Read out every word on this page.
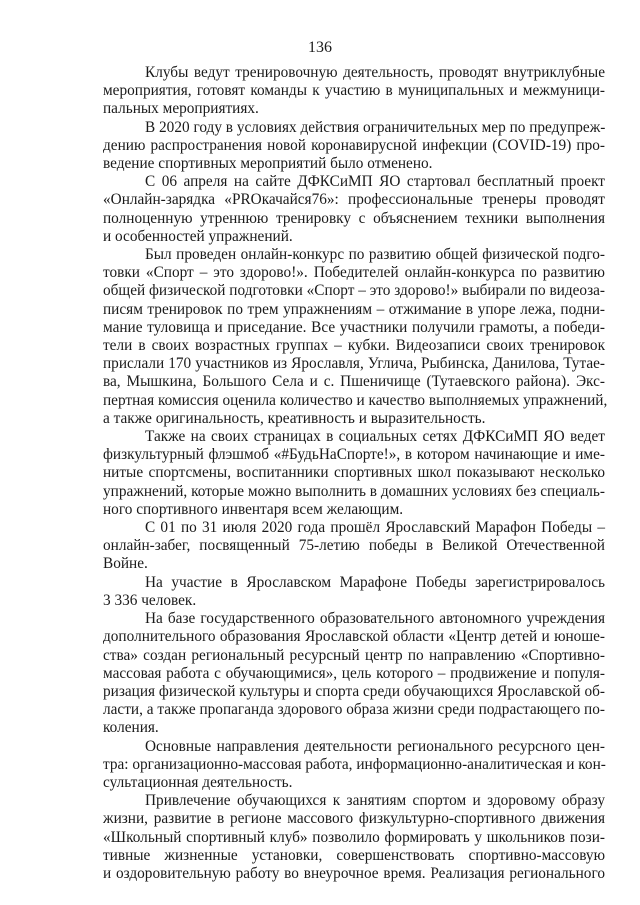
136

Клубы ведут тренировочную деятельность, проводят внутриклубные
мероприятия, готовят команды к участию в муниципальных и межмуници-
пальных мероприятиях.

В 2020 году в условиях действия ограничительных мер по предупреж-
дению распространения новой коронавирусной инфекции (COVID-19) про-
ведение спортивных мероприятий было отменено.

С 06 апреля на сайте ДФКСиМП ЯО стартовал бесплатный проект
«Онлайн-зарядка «PROкачайся76»: профессиональные тренеры проводят
полноценную утреннюю тренировку с объяснением техники выполнения
и особенностей упражнений.

Был проведен онлайн-конкурс по развитию общей физической подго-
товки «Спорт – это здорово!». Победителей онлайн-конкурса по развитию
общей физической подготовки «Спорт – это здорово!» выбирали по видеоза-
писям тренировок по трем упражнениям – отжимание в упоре лежа, подни-
мание туловища и приседание. Все участники получили грамоты, а победи-
тели в своих возрастных группах – кубки. Видеозаписи своих тренировок
прислали 170 участников из Ярославля, Углича, Рыбинска, Данилова, Тутае-
ва, Мышкина, Большого Села и с. Пшеничище (Тутаевского района). Экс-
пертная комиссия оценила количество и качество выполняемых упражнений,
а также оригинальность, креативность и выразительность.

Также на своих страницах в социальных сетях ДФКСиМП ЯО ведет
физкультурный флэшмоб «#БудьНаСпорте!», в котором начинающие и име-
нитые спортсмены, воспитанники спортивных школ показывают несколько
упражнений, которые можно выполнить в домашних условиях без специаль-
ного спортивного инвентаря всем желающим.

С 01 по 31 июля 2020 года прошёл Ярославский Марафон Победы –
онлайн-забег, посвященный 75-летию победы в Великой Отечественной
Войне.

На участие в Ярославском Марафоне Победы зарегистрировалось
3 336 человек.

На базе государственного образовательного автономного учреждения
дополнительного образования Ярославской области «Центр детей и юноше-
ства» создан региональный ресурсный центр по направлению «Спортивно-
массовая работа с обучающимися», цель которого – продвижение и популя-
ризация физической культуры и спорта среди обучающихся Ярославской об-
ласти, а также пропаганда здорового образа жизни среди подрастающего по-
коления.

Основные направления деятельности регионального ресурсного цен-
тра: организационно-массовая работа, информационно-аналитическая и кон-
сультационная деятельность.

Привлечение обучающихся к занятиям спортом и здоровому образу
жизни, развитие в регионе массового физкультурно-спортивного движения
«Школьный спортивный клуб» позволило формировать у школьников пози-
тивные жизненные установки, совершенствовать спортивно-массовую
и оздоровительную работу во внеурочное время. Реализация регионального
